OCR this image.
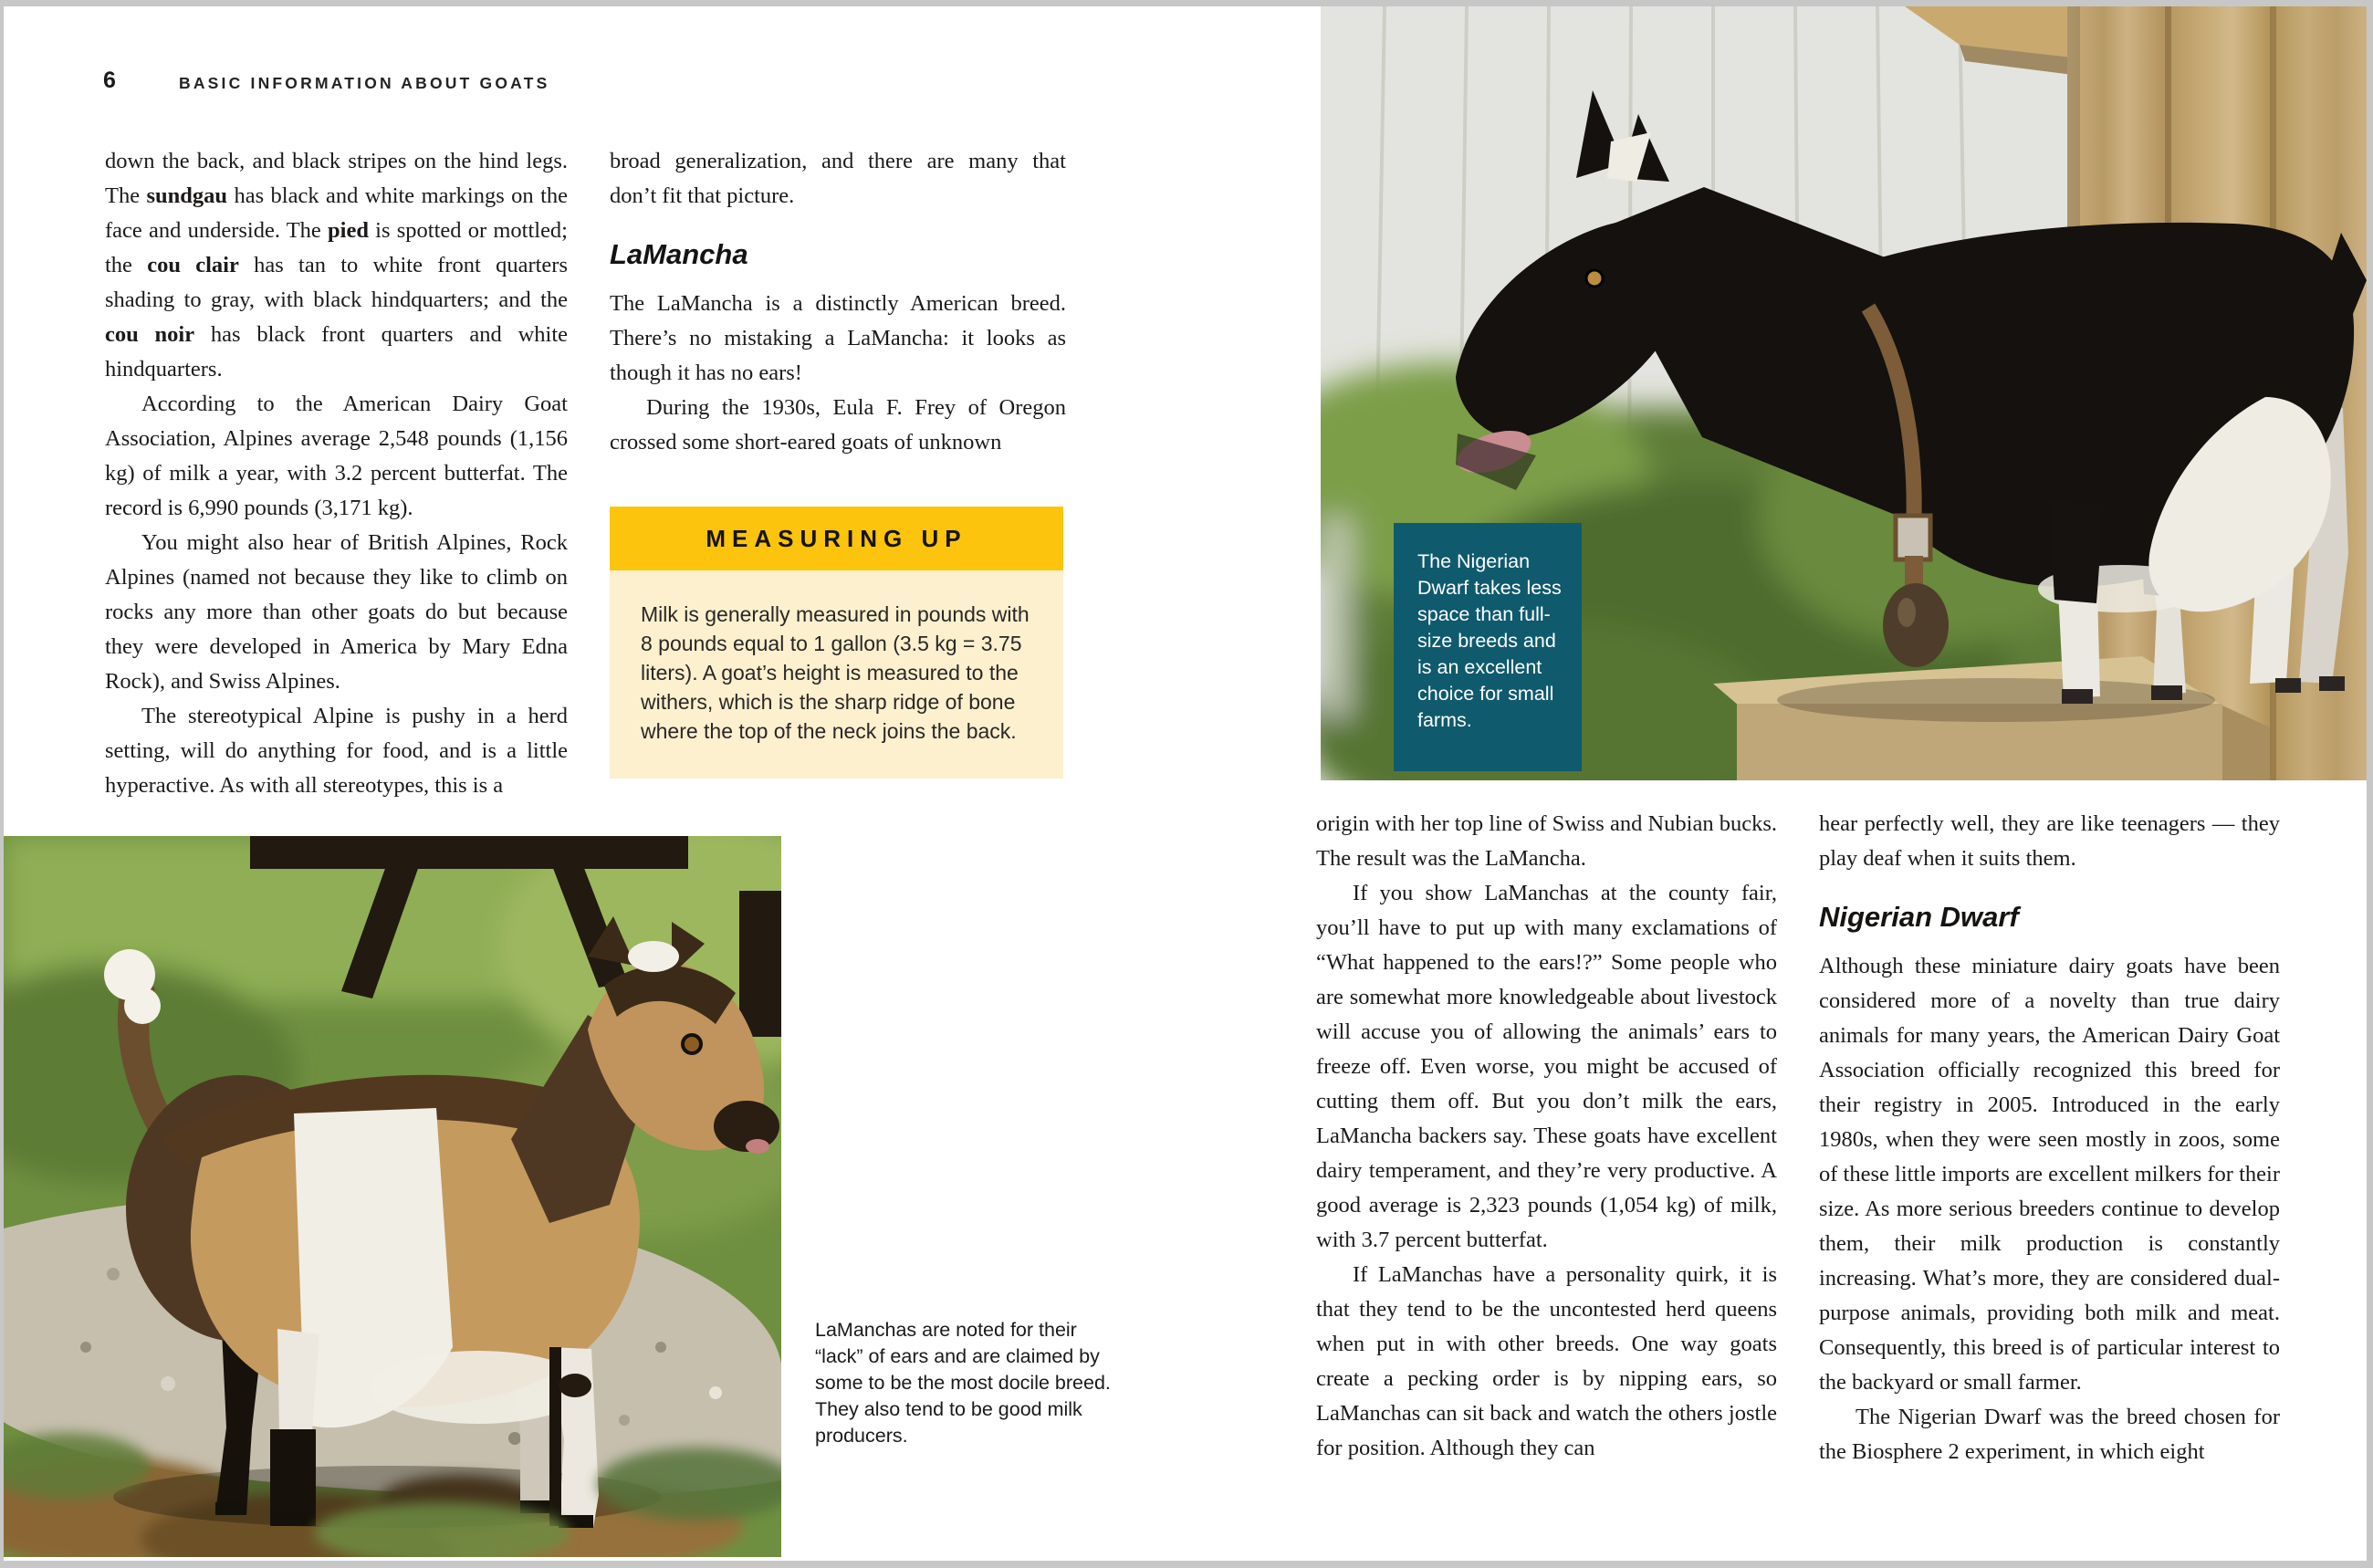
6	BASIC INFORMATION ABOUT GOATS

down the back, and black stripes on the hind legs. The sundgau has black and white markings on the face and underside. The pied is spotted or mottled; the cou clair has tan to white front quarters shading to gray, with black hindquarters; and the cou noir has black front quarters and white hindquarters.

According to the American Dairy Goat Association, Alpines average 2,548 pounds (1,156 kg) of milk a year, with 3.2 percent butterfat. The record is 6,990 pounds (3,171 kg).

You might also hear of British Alpines, Rock Alpines (named not because they like to climb on rocks any more than other goats do but because they were developed in America by Mary Edna Rock), and Swiss Alpines.

The stereotypical Alpine is pushy in a herd setting, will do anything for food, and is a little hyperactive. As with all stereotypes, this is a

broad generalization, and there are many that don’t fit that picture.

LaMancha

The LaMancha is a distinctly American breed. There’s no mistaking a LaMancha: it looks as though it has no ears!

During the 1930s, Eula F. Frey of Oregon crossed some short-eared goats of unknown

MEASURING UP
Milk is generally measured in pounds with 8 pounds equal to 1 gallon (3.5 kg = 3.75 liters). A goat’s height is measured to the withers, which is the sharp ridge of bone where the top of the neck joins the back.
LaManchas are noted for their “lack” of ears and are claimed by some to be the most docile breed. They also tend to be good milk producers.
The Nigerian Dwarf takes less space than full-size breeds and is an excellent choice for small farms.

origin with her top line of Swiss and Nubian bucks. The result was the LaMancha.

If you show LaManchas at the county fair, you’ll have to put up with many exclamations of “What happened to the ears!?” Some people who are somewhat more knowledgeable about livestock will accuse you of allowing the animals’ ears to freeze off. Even worse, you might be accused of cutting them off. But you don’t milk the ears, LaMancha backers say. These goats have excellent dairy temperament, and they’re very productive. A good average is 2,323 pounds (1,054 kg) of milk, with 3.7 percent butterfat.

If LaManchas have a personality quirk, it is that they tend to be the uncontested herd queens when put in with other breeds. One way goats create a pecking order is by nipping ears, so LaManchas can sit back and watch the others jostle for position. Although they can

hear perfectly well, they are like teenagers — they play deaf when it suits them.

Nigerian Dwarf

Although these miniature dairy goats have been considered more of a novelty than true dairy animals for many years, the American Dairy Goat Association officially recognized this breed for their registry in 2005. Introduced in the early 1980s, when they were seen mostly in zoos, some of these little imports are excellent milkers for their size. As more serious breeders continue to develop them, their milk production is constantly increasing. What’s more, they are considered dual-purpose animals, providing both milk and meat. Consequently, this breed is of particular interest to the backyard or small farmer.

The Nigerian Dwarf was the breed chosen for the Biosphere 2 experiment, in which eight
